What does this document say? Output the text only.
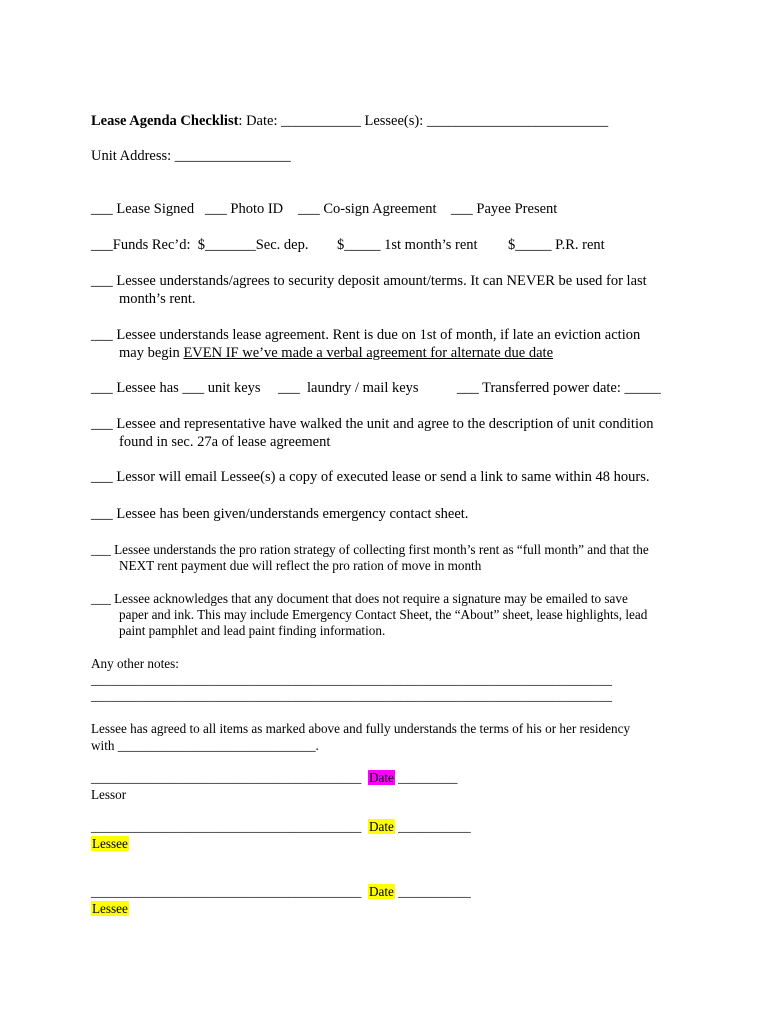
Lease Agenda Checklist: Date: ___________ Lessee(s): _________________________
Unit Address: ________________
___ Lease Signed ___ Photo ID ___ Co-sign Agreement ___ Payee Present
___Funds Rec’d:  $_______Sec. dep. $_____ 1st month’s rent $_____ P.R. rent
___ Lessee understands/agrees to security deposit amount/terms. It can NEVER be used for last
month’s rent.
___ Lessee understands lease agreement. Rent is due on 1st of month, if late an eviction action
may begin EVEN IF we’ve made a verbal agreement for alternate due date
___ Lessee has ___ unit keys ___  laundry / mail keys	___ Transferred power date: _____
___ Lessee and representative have walked the unit and agree to the description of unit condition
found in sec. 27a of lease agreement
___ Lessor will email Lessee(s) a copy of executed lease or send a link to same within 48 hours.
___ Lessee has been given/understands emergency contact sheet.
___ Lessee understands the pro ration strategy of collecting first month’s rent as “full month” and that the
NEXT rent payment due will reflect the pro ration of move in month
___ Lessee acknowledges that any document that does not require a signature may be emailed to save
paper and ink. This may include Emergency Contact Sheet, the “About” sheet, lease highlights, lead
paint pamphlet and lead paint finding information.
Any other notes:
_______________________________________________________________________________
_______________________________________________________________________________
Lessee has agreed to all items as marked above and fully understands the terms of his or her residency
with ______________________________.
_________________________________________ Date _________
Lessor
_________________________________________ Date ___________
Lessee
_________________________________________ Date ___________
Lessee
